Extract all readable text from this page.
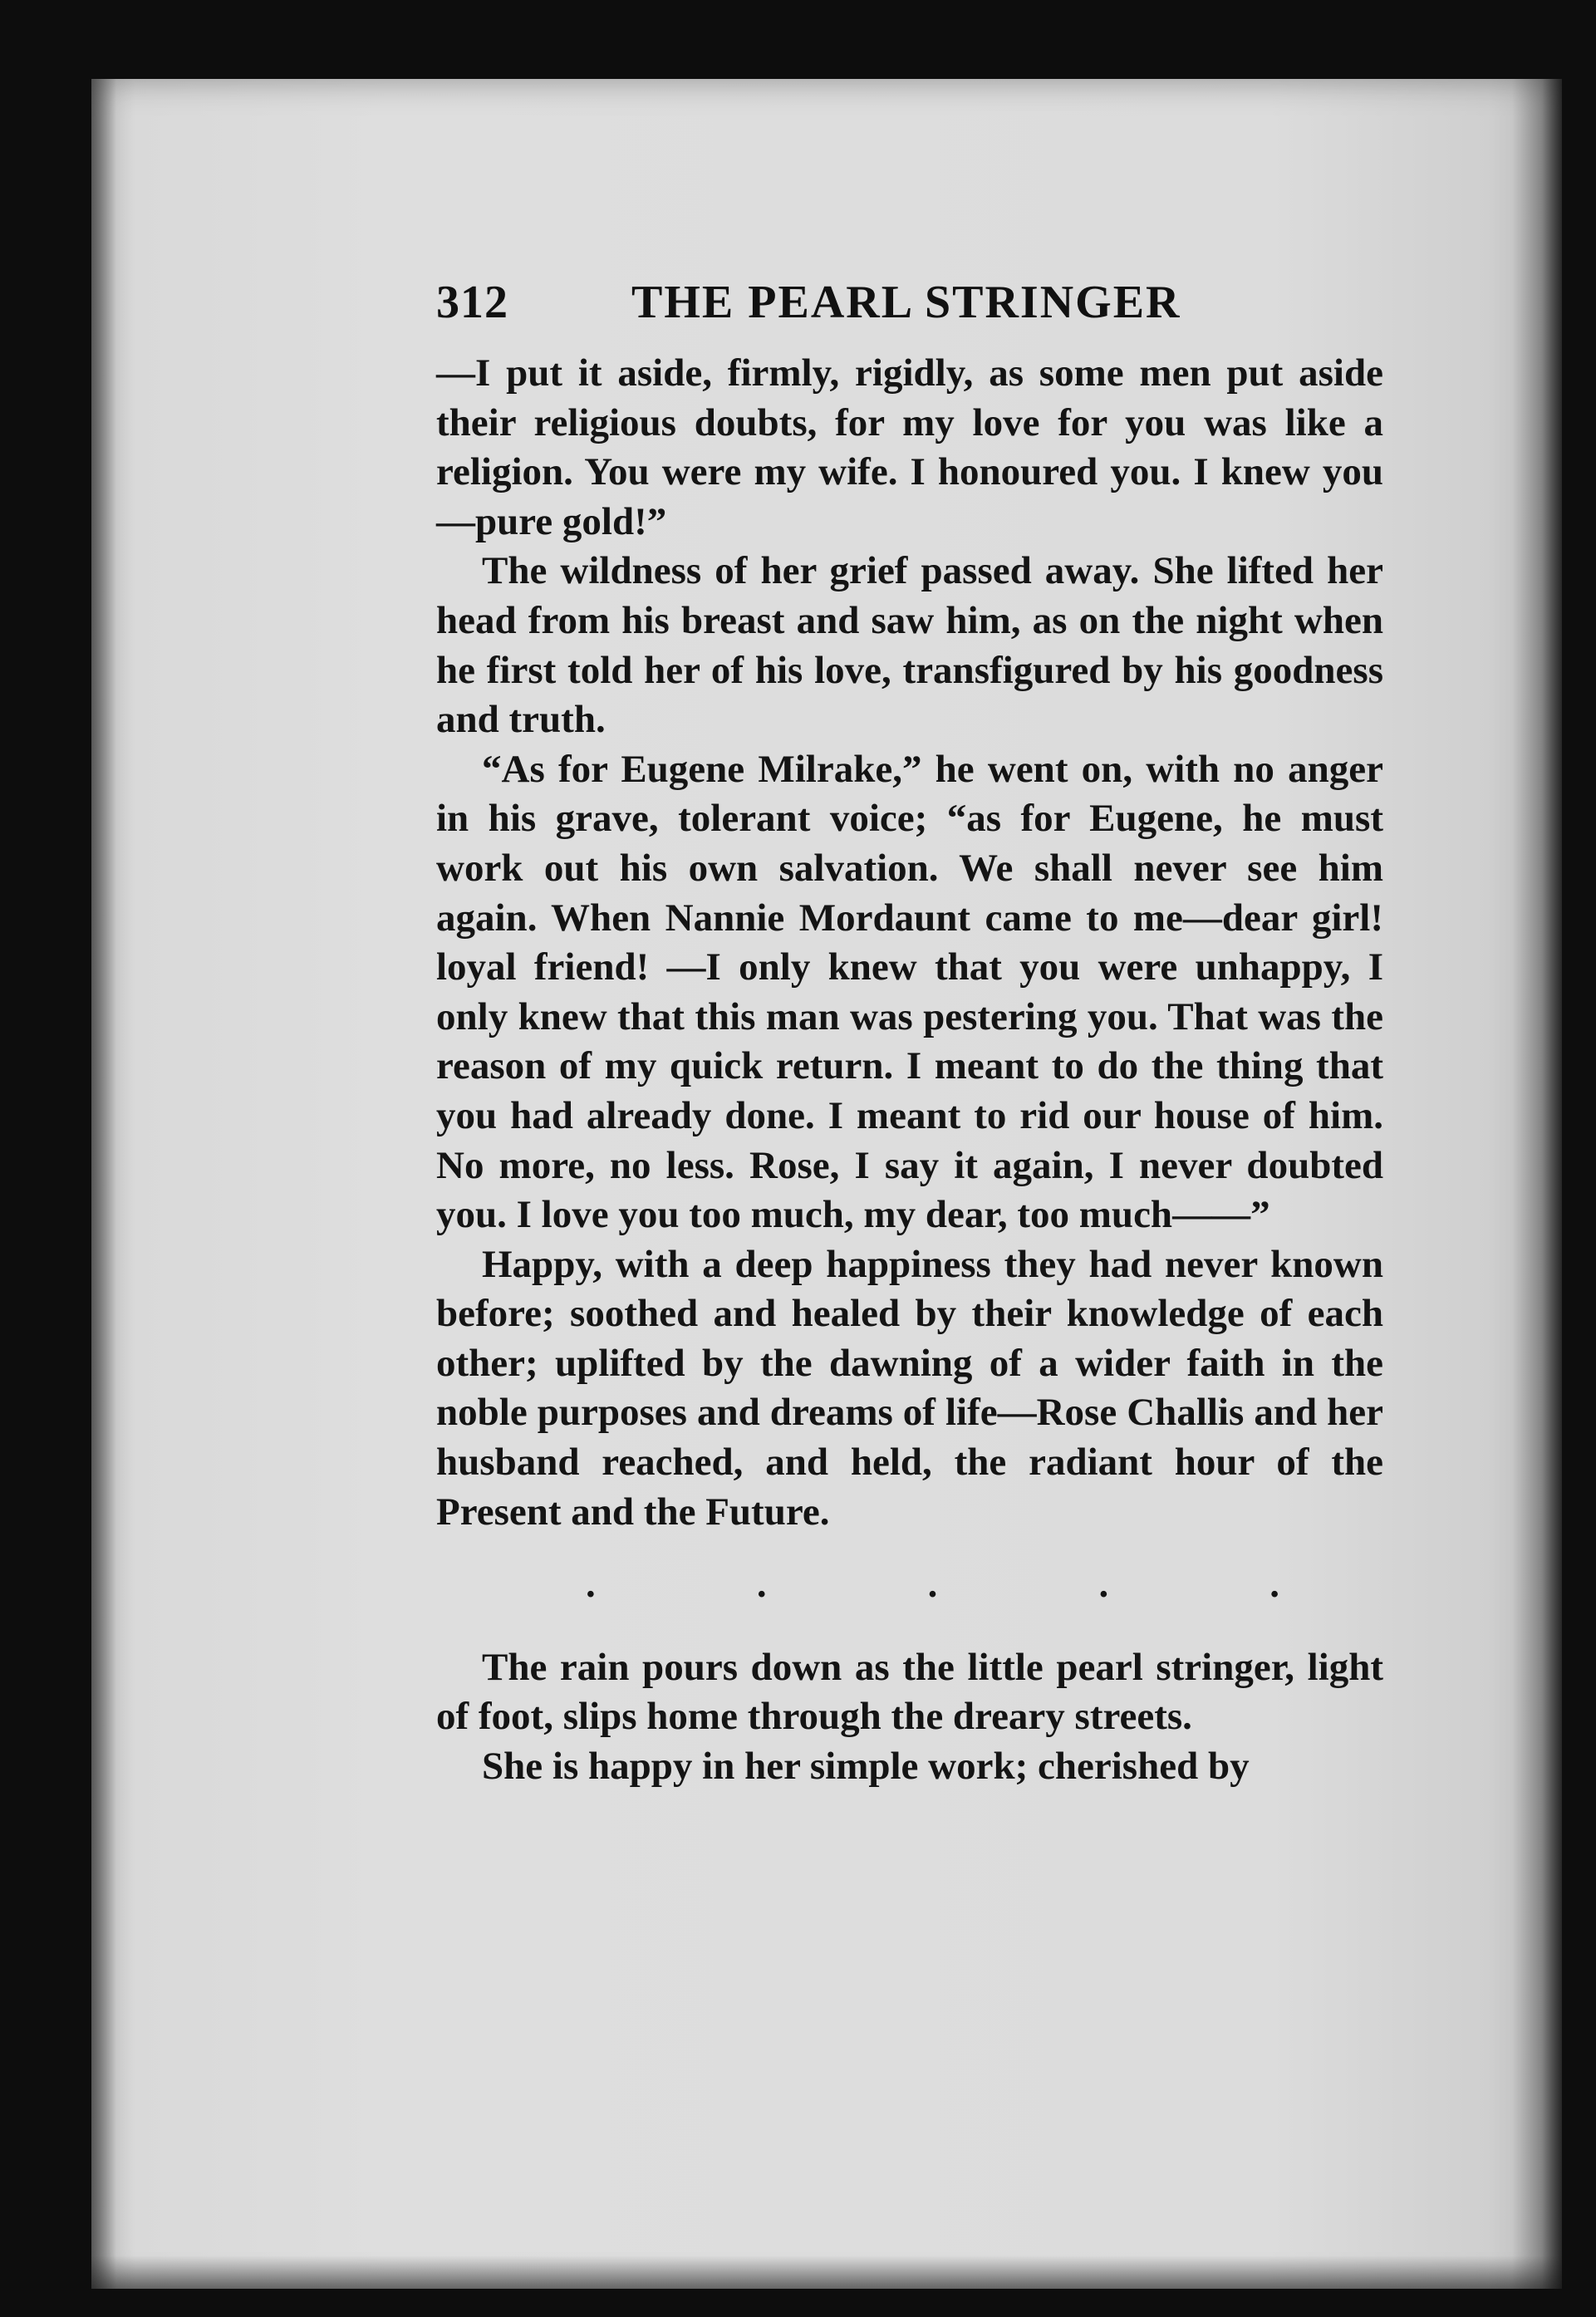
312	THE PEARL STRINGER

—I put it aside, firmly, rigidly, as some men put aside their religious doubts, for my love for you was like a religion. You were my wife. I honoured you. I knew you—pure gold!”

The wildness of her grief passed away. She lifted her head from his breast and saw him, as on the night when he first told her of his love, transfigured by his goodness and truth.

“As for Eugene Milrake,” he went on, with no anger in his grave, tolerant voice; “as for Eugene, he must work out his own salvation. We shall never see him again. When Nannie Mordaunt came to me—dear girl! loyal friend! —I only knew that you were unhappy, I only knew that this man was pestering you. That was the reason of my quick return. I meant to do the thing that you had already done. I meant to rid our house of him. No more, no less. Rose, I say it again, I never doubted you. I love you too much, my dear, too much——”

Happy, with a deep happiness they had never known before; soothed and healed by their knowledge of each other; uplifted by the dawning of a wider faith in the noble purposes and dreams of life—Rose Challis and her husband reached, and held, the radiant hour of the Present and the Future.

.	.	.	.	.

The rain pours down as the little pearl stringer, light of foot, slips home through the dreary streets.

She is happy in her simple work; cherished by
